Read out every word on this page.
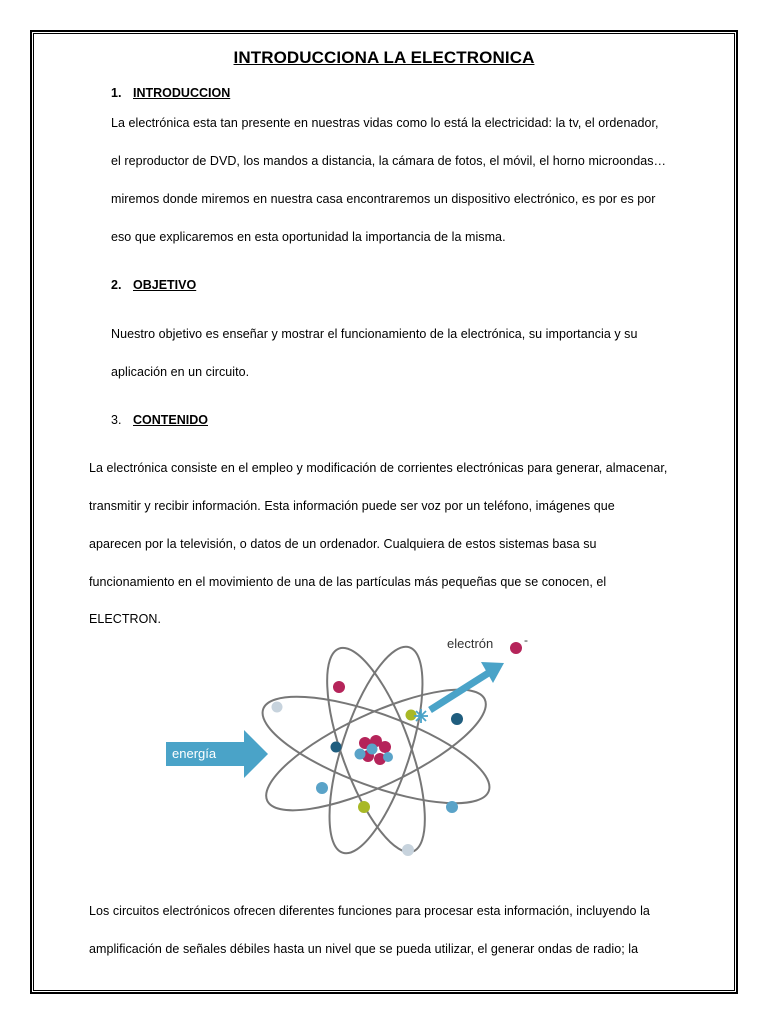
INTRODUCCIONA LA ELECTRONICA
1. INTRODUCCION
La electrónica esta tan presente en nuestras vidas como lo está la electricidad: la tv, el ordenador,
el reproductor de DVD, los mandos a distancia, la cámara de fotos, el móvil, el horno microondas…
miremos donde miremos en nuestra casa encontraremos un dispositivo electrónico, es por es por
eso que explicaremos en esta oportunidad la importancia de la misma.
2. OBJETIVO
Nuestro objetivo es enseñar y mostrar el funcionamiento de la electrónica, su importancia y su
aplicación en un circuito.
3. CONTENIDO
La electrónica consiste en el empleo y modificación de corrientes electrónicas para generar, almacenar,
transmitir y recibir información. Esta información puede ser voz por un teléfono, imágenes que
aparecen por la televisión, o datos de un ordenador. Cualquiera de estos sistemas basa su
funcionamiento en el movimiento de una de las partículas más pequeñas que se conocen, el
ELECTRON.
-
electrón
energía
Los circuitos electrónicos ofrecen diferentes funciones para procesar esta información, incluyendo la
amplificación de señales débiles hasta un nivel que se pueda utilizar, el generar ondas de radio; la
